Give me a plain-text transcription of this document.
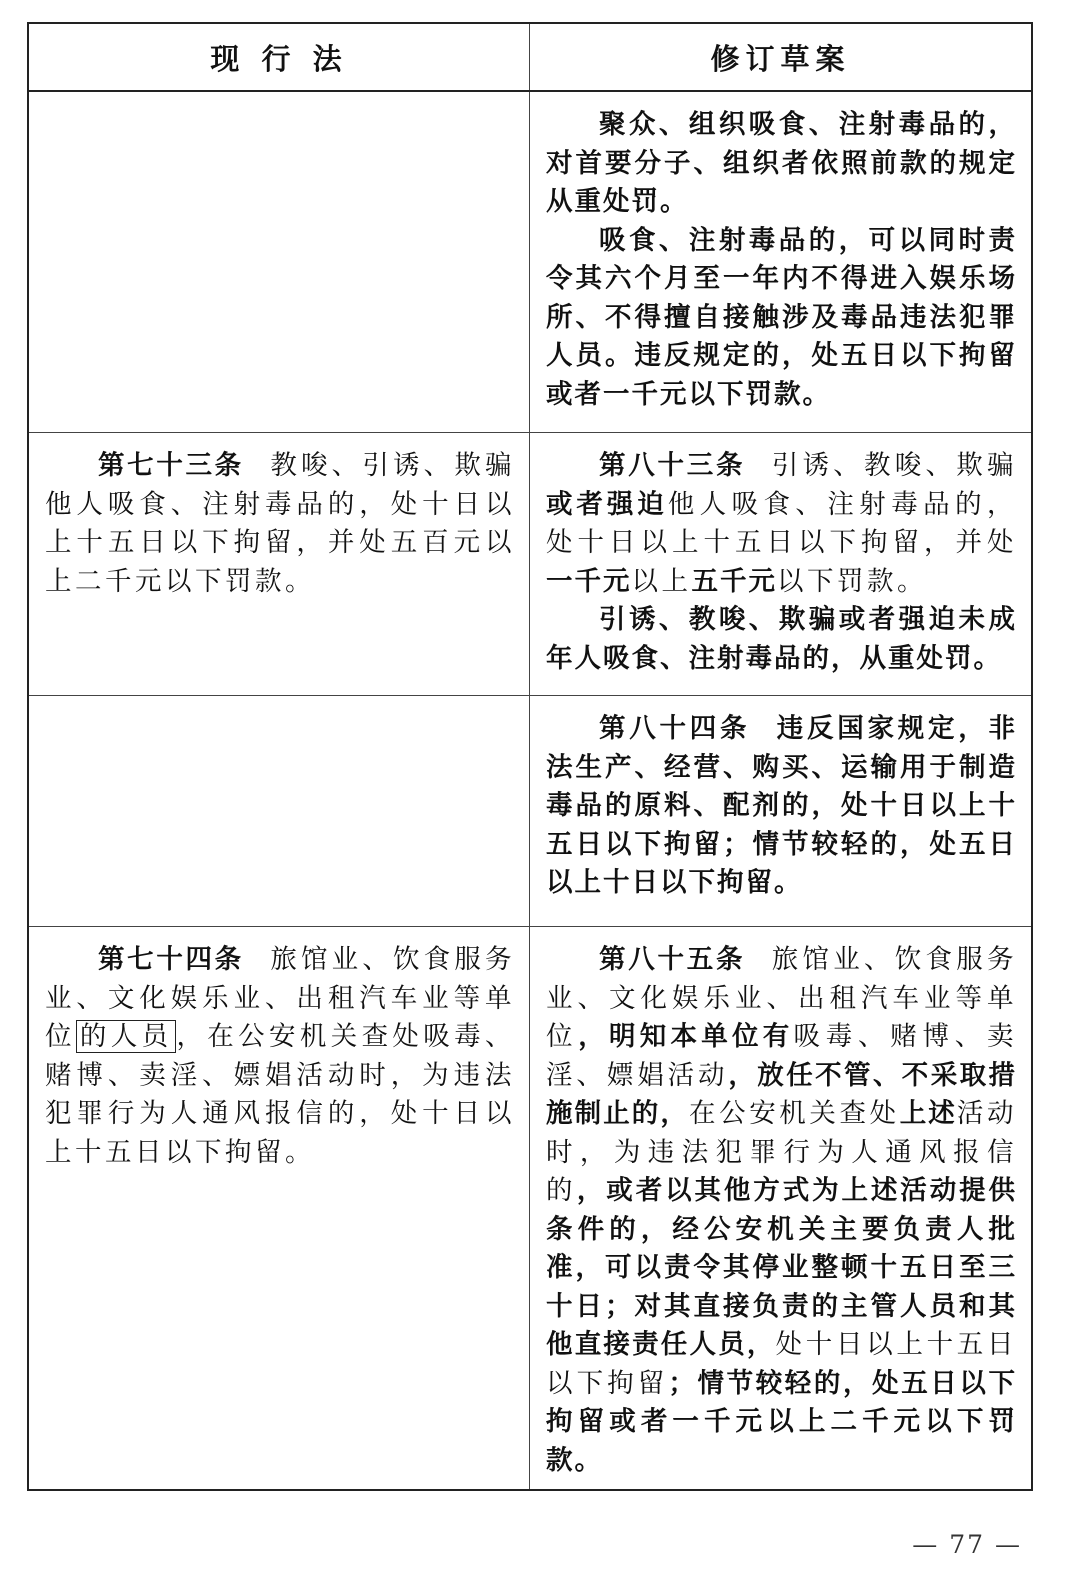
现 行 法	修订草案

聚众、组织吸食、注射毒品的，对首要分子、组织者依照前款的规定从重处罚。

吸食、注射毒品的，可以同时责令其六个月至一年内不得进入娱乐场所、不得擅自接触涉及毒品违法犯罪人员。违反规定的，处五日以下拘留或者一千元以下罚款。

第七十三条 教唆、引诱、欺骗他人吸食、注射毒品的，处十日以上十五日以下拘留，并处五百元以上二千元以下罚款。

第八十三条 引诱、教唆、欺骗或者强迫他人吸食、注射毒品的，处十日以上十五日以下拘留，并处一千元以上五千元以下罚款。

引诱、教唆、欺骗或者强迫未成年人吸食、注射毒品的，从重处罚。

第八十四条 违反国家规定，非法生产、经营、购买、运输用于制造毒品的原料、配剂的，处十日以上十五日以下拘留；情节较轻的，处五日以上十日以下拘留。

第七十四条 旅馆业、饮食服务业、文化娱乐业、出租汽车业等单位 的人员 ，在公安机关查处吸毒、赌博、卖淫、嫖娼活动时，为违法犯罪行为人通风报信的，处十日以上十五日以下拘留。

第八十五条 旅馆业、饮食服务业、文化娱乐业、出租汽车业等单位，明知本单位有吸毒、赌博、卖淫、嫖娼活动，放任不管、不采取措施制止的，在公安机关查处上述活动时，为违法犯罪行为人通风报信的，或者以其他方式为上述活动提供条件的，经公安机关主要负责人批准，可以责令其停业整顿十五日至三十日；对其直接负责的主管人员和其他直接责任人员，处十日以上十五日以下拘留；情节较轻的，处五日以下拘留或者一千元以上二千元以下罚款。

— 77 —
